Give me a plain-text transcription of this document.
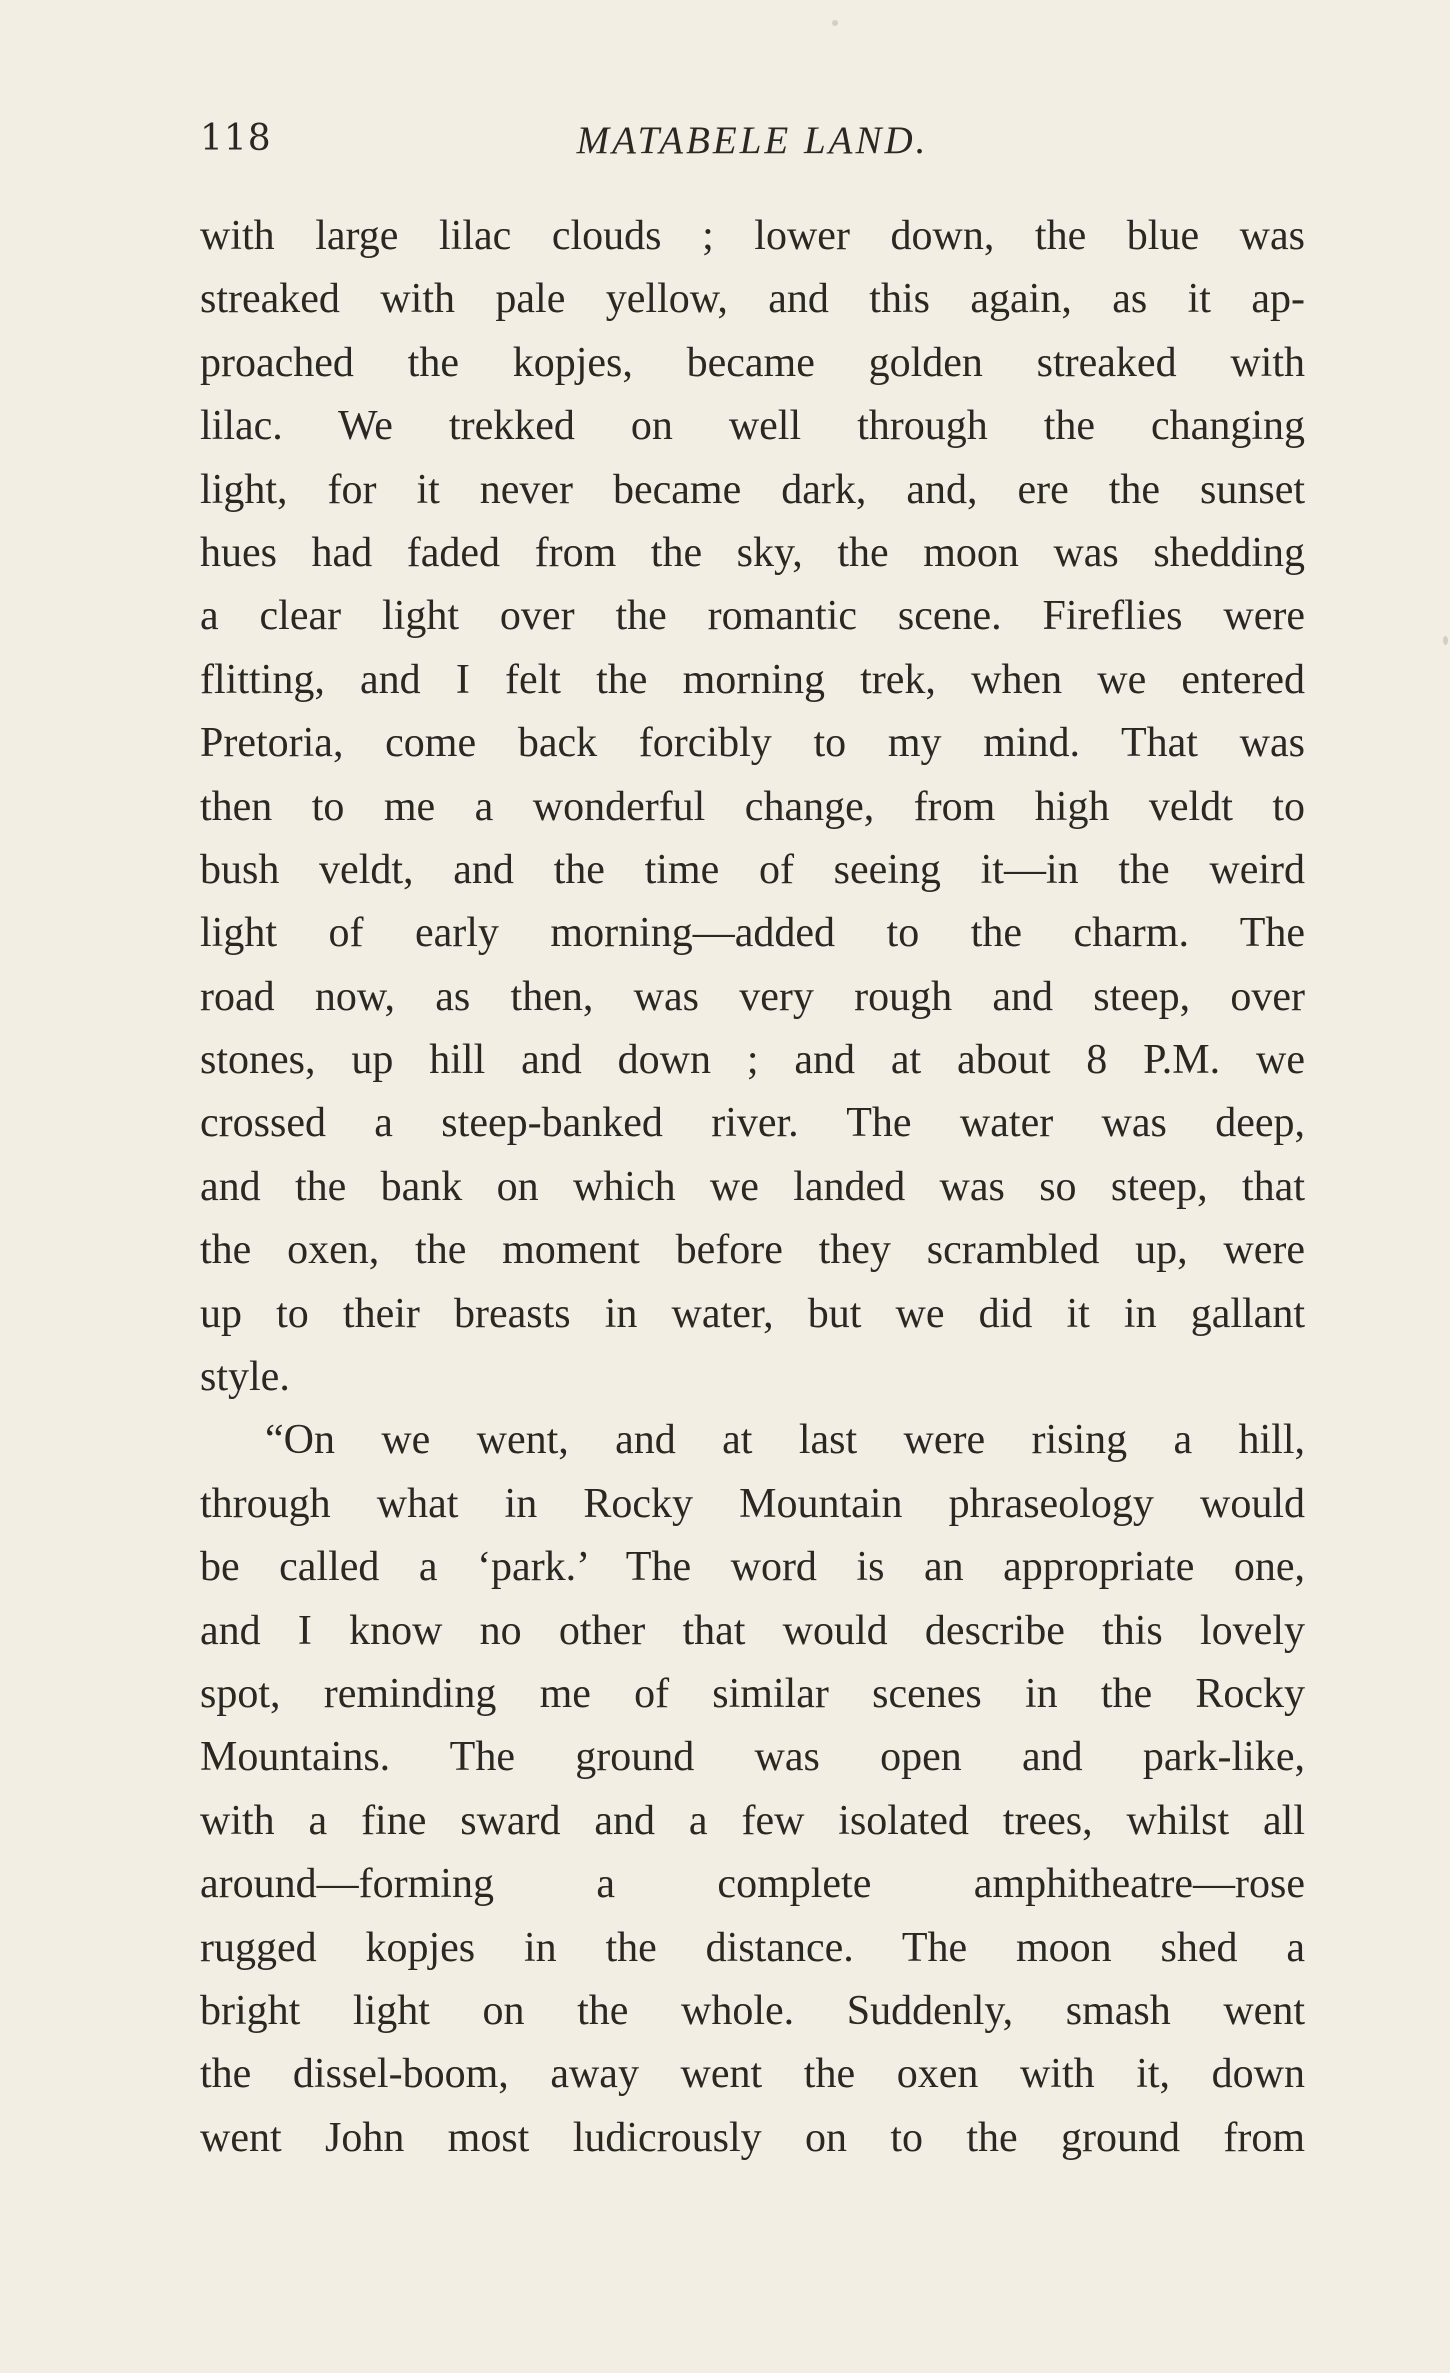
118	MATABELE LAND.
with large lilac clouds ; lower down, the blue was
streaked with pale yellow, and this again, as it ap-
proached the kopjes, became golden streaked with
lilac. We trekked on well through the changing
light, for it never became dark, and, ere the sunset
hues had faded from the sky, the moon was shedding
a clear light over the romantic scene. Fireflies were
flitting, and I felt the morning trek, when we entered
Pretoria, come back forcibly to my mind. That was
then to me a wonderful change, from high veldt to
bush veldt, and the time of seeing it—in the weird
light of early morning—added to the charm. The
road now, as then, was very rough and steep, over
stones, up hill and down ; and at about 8 P.M. we
crossed a steep-banked river. The water was deep,
and the bank on which we landed was so steep, that
the oxen, the moment before they scrambled up, were
up to their breasts in water, but we did it in gallant
style.
“On we went, and at last were rising a hill,
through what in Rocky Mountain phraseology would
be called a ‘park.’ The word is an appropriate one,
and I know no other that would describe this lovely
spot, reminding me of similar scenes in the Rocky
Mountains. The ground was open and park-like,
with a fine sward and a few isolated trees, whilst all
around—forming a complete amphitheatre—rose
rugged kopjes in the distance. The moon shed a
bright light on the whole. Suddenly, smash went
the dissel-boom, away went the oxen with it, down
went John most ludicrously on to the ground from
